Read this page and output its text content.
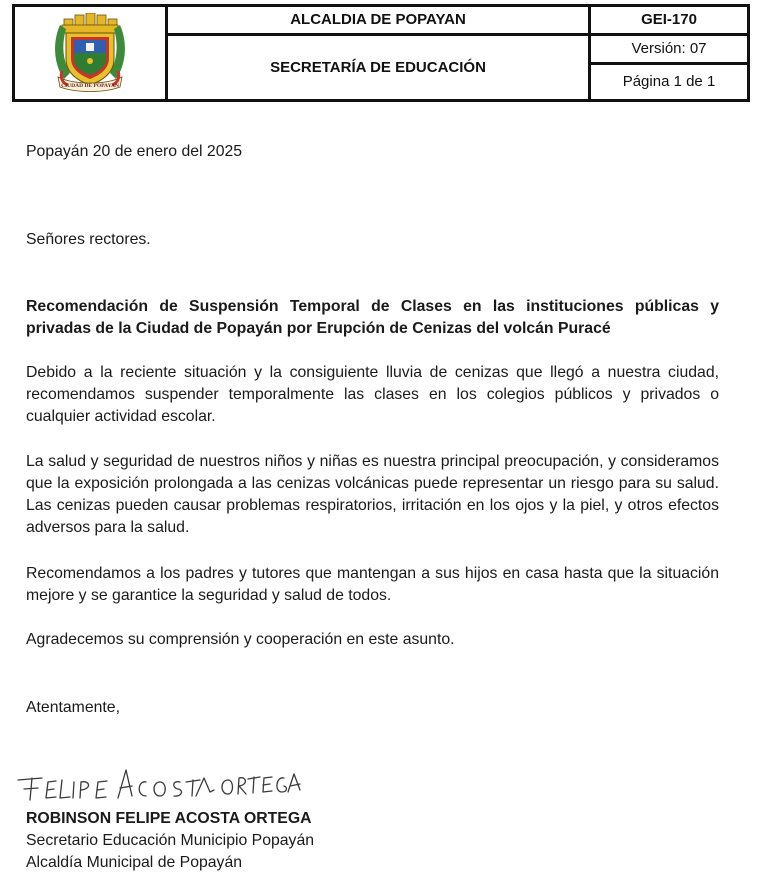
CIUDAD DE POPAYAN	ALCALDIA DE POPAYAN	GEI-170
	SECRETARÍA DE EDUCACIÓN	Versión: 07
		Página 1 de 1
Popayán 20 de enero del 2025
Señores rectores.
Recomendación de Suspensión Temporal de Clases en las instituciones públicas y privadas de la Ciudad de Popayán por Erupción de Cenizas del volcán Puracé
Debido a la reciente situación y la consiguiente lluvia de cenizas que llegó a nuestra ciudad, recomendamos suspender temporalmente las clases en los colegios públicos y privados o cualquier actividad escolar.
La salud y seguridad de nuestros niños y niñas es nuestra principal preocupación, y consideramos que la exposición prolongada a las cenizas volcánicas puede representar un riesgo para su salud. Las cenizas pueden causar problemas respiratorios, irritación en los ojos y la piel, y otros efectos adversos para la salud.
Recomendamos a los padres y tutores que mantengan a sus hijos en casa hasta que la situación mejore y se garantice la seguridad y salud de todos.
Agradecemos su comprensión y cooperación en este asunto.
Atentamente,
ROBINSON FELIPE ACOSTA ORTEGA
Secretario Educación Municipio Popayán
Alcaldía Municipal de Popayán
